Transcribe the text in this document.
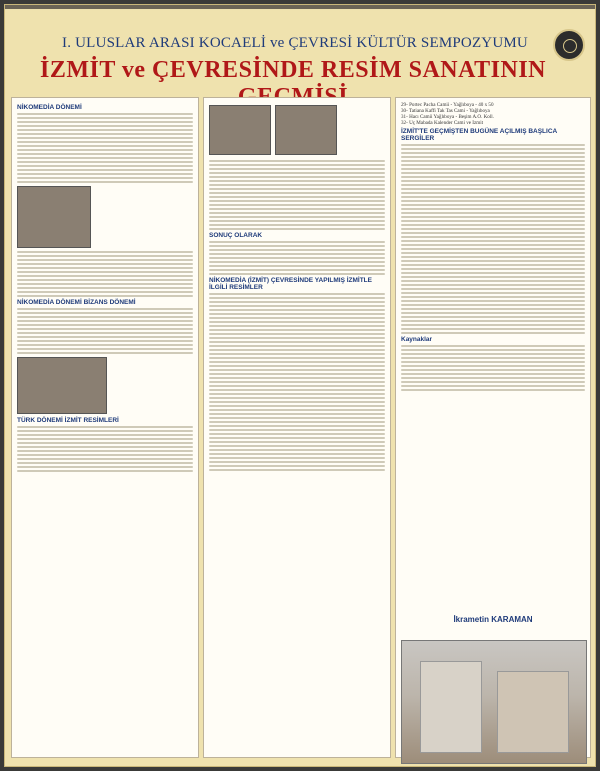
I. ULUSLAR ARASI KOCAELİ ve ÇEVRESİ KÜLTÜR SEMPOZYUMU
İZMİT ve ÇEVRESİNDE RESİM SANATININ
NİKOMEDİA DÖNEMİ
NİKOMEDİA DÖNEMİ BİZANS DÖNEMİ
TÜRK DÖNEMİ İZMİT RESİMLERİ
SONUÇ OLARAK
NİKOMEDİA (İZMİT) ÇEVRESİNDE YAPILMIŞ İZMİTLE İLGİLİ RESİMLER
29- Portec Pacha Camii - Yağlıboya - 40 x 50
30- Tatiana Kaffi Tak Tas Cami - Yağlıboya
31- Hacı Camii Yağlıboya - Beşim A.Ö. Koll.
32- Üç Mabada Kalender Cami ve İzmit
İZMİT'TE GEÇMİŞTEN BUGÜNE AÇILMIŞ BAŞLICA SERGİLER
Kaynaklar
İkrametin KARAMAN
